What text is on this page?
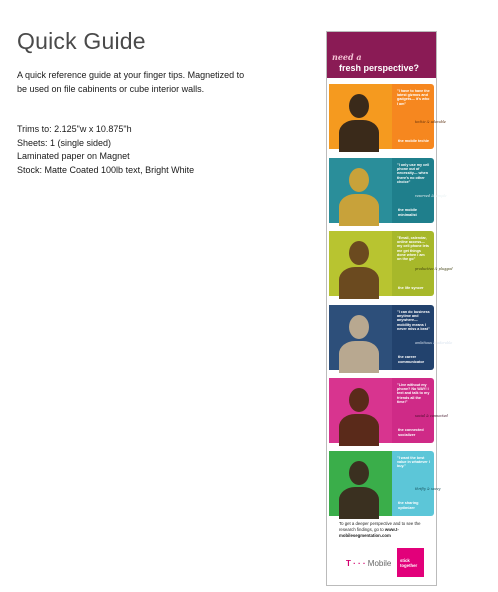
Quick Guide
A quick reference guide at your finger tips. Magnetized to be used on file cabinents or cube interior walls.
Trims to: 2.125"w x 10.875"h
Sheets: 1 (single sided)
Laminated paper on Magnet
Stock: Matte Coated 100lb text, Bright White
need a
fresh perspective?
"I have to have the latest gizmos and gadgets— it's who I am"
techie & adorable
the mobile techie
"I only use my cell phone out of necessity— when there's no other choice"
reserved & simple
the mobile minimalist
"Email, calendar, online access— my cell phone lets me get things done when I am on the go"
productive & plugged
the life syncer
"I can do business anytime and anywhere— mobility means I never miss a beat"
ambitious & adorable
the career communicator
"Live without my phone? No WAY! I text and talk to my friends all the time!"
social & connected
the connected socializer
"I want the best value in whatever I buy."
thrifty & savvy
the sharing optimizer
To get a deeper perspective and to see the research findings, go to www.t-mobilesegmentation.com
T · · · Mobile	stick together
